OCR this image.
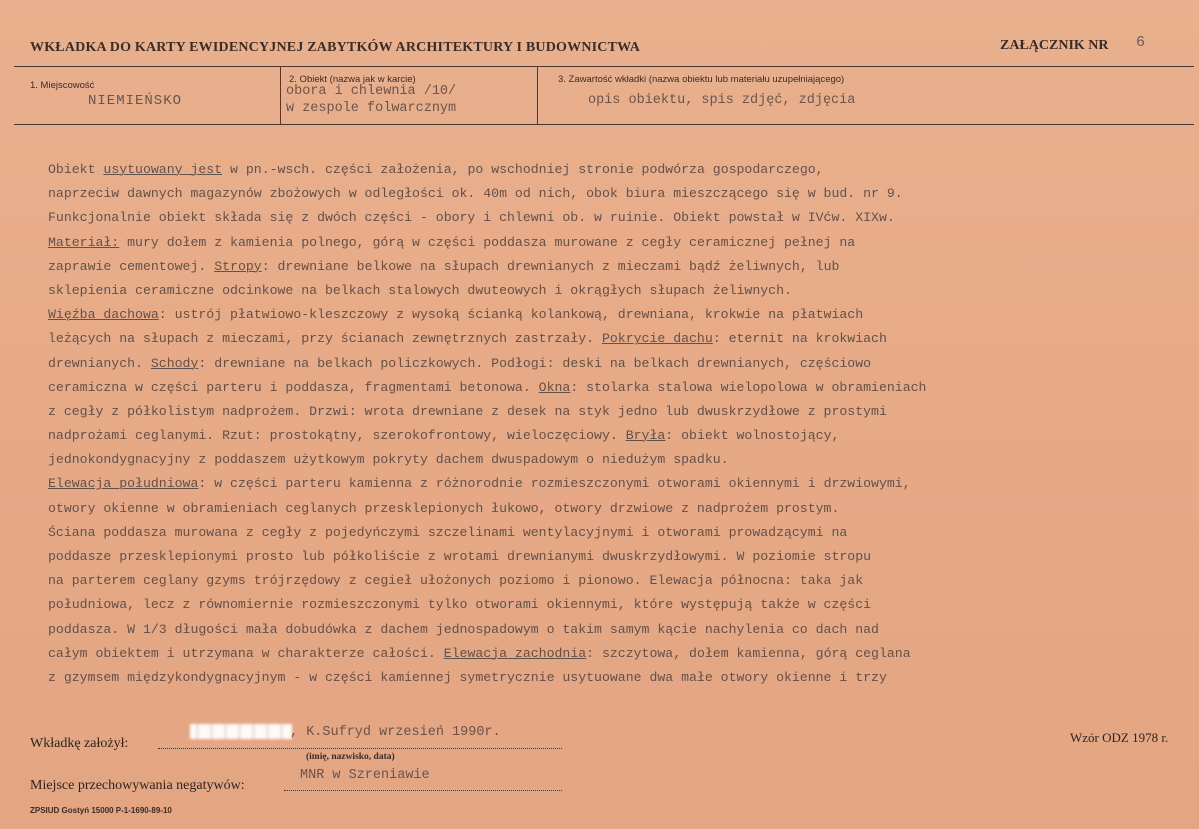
WKŁADKA DO KARTY EWIDENCYJNEJ ZABYTKÓW ARCHITEKTURY I BUDOWNICTWA	ZAŁĄCZNIK NR 6
1. Miejscowość
NIEMIEŃSKO
2. Obiekt (nazwa jak w karcie)
obora i chlewnia /10/
w zespole folwarcznym
3. Zawartość wkładki (nazwa obiektu lub materiału uzupełniającego)
opis obiektu, spis zdjęć, zdjęcia
Obiekt usytuowany jest w pn.-wsch. części założenia, po wschodniej stronie podwórza gospodarczego,
naprzeciw dawnych magazynów zbożowych w odległości ok. 40m od nich, obok biura mieszczącego się w bud. nr 9.
Funkcjonalnie obiekt składa się z dwóch części - obory i chlewni ob. w ruinie. Obiekt powstał w IVćw. XIXw.
Materiał: mury dołem z kamienia polnego, górą w części poddasza murowane z cegły ceramicznej pełnej na
zaprawie cementowej. Stropy: drewniane belkowe na słupach drewnianych z mieczami bądź żeliwnych, lub
sklepienia ceramiczne odcinkowe na belkach stalowych dwuteowych i okrągłych słupach żeliwnych.
Więźba dachowa: ustrój płatwiowo-kleszczowy z wysoką ścianką kolankową, drewniana, krokwie na płatwiach
leżących na słupach z mieczami, przy ścianach zewnętrznych zastrzały. Pokrycie dachu: eternit na krokwiach
drewnianych. Schody: drewniane na belkach policzkowych. Podłogi: deski na belkach drewnianych, częściowo
ceramiczna w części parteru i poddasza, fragmentami betonowa. Okna: stolarka stalowa wielopolowa w obramieniach
z cegły z półkolistym nadprożem. Drzwi: wrota drewniane z desek na styk jedno lub dwuskrzydłowe z prostymi
nadprożami ceglanymi. Rzut: prostokątny, szerokofrontowy, wieloczęciowy. Bryła: obiekt wolnostojący,
jednokondygnacyjny z poddaszem użytkowym pokryty dachem dwuspadowym o niedużym spadku.
Elewacja południowa: w części parteru kamienna z różnorodnie rozmieszczonymi otworami okiennymi i drzwiowymi,
otwory okienne w obramieniach ceglanych przesklepionych łukowo, otwory drzwiowe z nadprożem prostym.
Ściana poddasza murowana z cegły z pojedyńczymi szczelinami wentylacyjnymi i otworami prowadzącymi na
poddasze przesklepionymi prosto lub półkoliście z wrotami drewnianymi dwuskrzydłowymi. W poziomie stropu
na parterem ceglany gzyms trójrzędowy z cegieł ułożonych poziomo i pionowo. Elewacja północna: taka jak
południowa, lecz z równomiernie rozmieszczonymi tylko otworami okiennymi, które występują także w części
poddasza. W 1/3 długości mała dobudówka z dachem jednospadowym o takim samym kącie nachylenia co dach nad
całym obiektem i utrzymana w charakterze całości. Elewacja zachodnia: szczytowa, dołem kamienna, górą ceglana
z gzymsem międzykondygnacyjnym - w części kamiennej symetrycznie usytuowane dwa małe otwory okienne i trzy
Wkładkę założył:
, K.Sufryd wrzesień 1990r.
(imię, nazwisko, data)
Wzór ODZ 1978 r.
Miejsce przechowywania negatywów:
MNR w Szreniawie
ZPSIUD Gostyń 15000 P-1-1690-89-10
